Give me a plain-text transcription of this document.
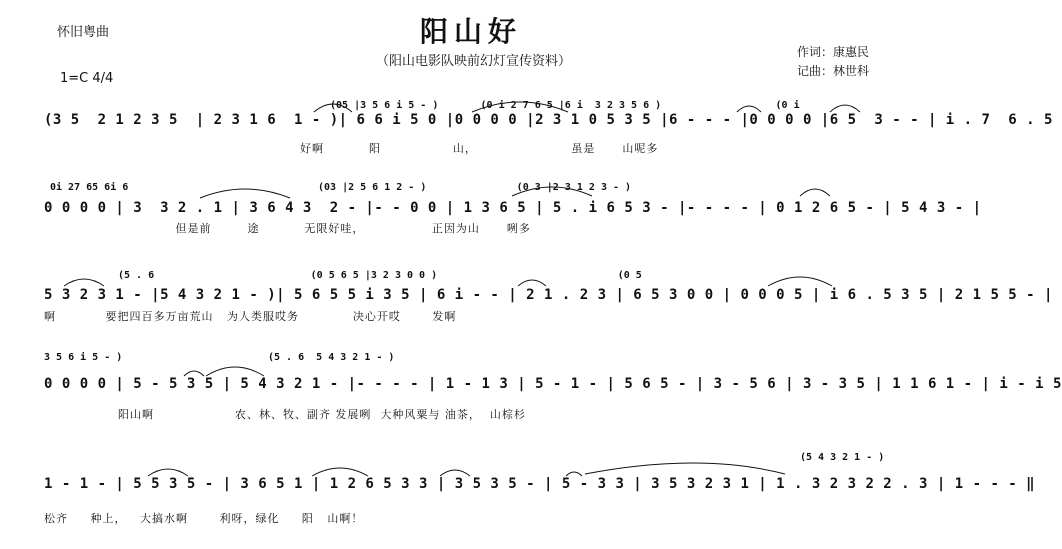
怀旧粤曲	阳山好
（阳山电影队映前幻灯宣传资料）
作词：康惠民
记曲：林世科
1=C 4/4
(05 |3 5 6 i 5 - )       (0 i 2 7 6 5 |6 i  3 2 3 5 6 )                   (0 i
(3 5  2 1 2 3 5  | 2 3 1 6  1 - )| 6 6 i 5 0 |0 0 0 0 |2 3 1 0 5 3 5 |6 - - - |0 0 0 0 |6 5  3 - - | i . 7  6 . 5
好啊          阳                山，                     虽是      山呢多
0i 27 65 6i 6	(03 |2 5 6 1 2 - )               (0 3 |2 3 1 2 3 - )
0 0 0 0 | 3  3 2 . 1 | 3 6 4 3  2 - |- - 0 0 | 1 3 6 5 | 5 . i 6 5 3 - |- - - - | 0 1 2 6 5 - | 5 4 3 - |
但是前        途          无限好哇，               正因为山      咧多
(5 . 6                          (0 5 6 5 |3 2 3 0 0 )                              (0 5
5 3 2 3 1 - |5 4 3 2 1 - )| 5 6 5 5 i 3 5 | 6 i - - | 2 1 . 2 3 | 6 5 3 0 0 | 0 0 0 5 | i 6 . 5 3 5 | 2 1 5 5 - |
啊           要把四百多万亩荒山   为人类服哎务            决心开哎       发啊
3 5 6 i 5 - )	(5 . 6  5 4 3 2 1 - )
0 0 0 0 | 5 - 5 3 5 | 5 4 3 2 1 - |- - - - | 1 - 1 3 | 5 - 1 - | 5 6 5 - | 3 - 5 6 | 3 - 3 5 | 1 1 6 1 - | i - i 5
阳山啊                  农、林、牧、副齐 发展咧  大种风粟与 油茶，  山棕杉
(5 4 3 2 1 - )
1 - 1 - | 5 5 3 5 - | 3 6 5 1 | 1 2 6 5 3 3 | 3 5 3 5 - | 5 - 3 3 | 3 5 3 2 3 1 | 1 . 3 2 3 2 2 . 3 | 1 - - - ‖
松齐     种上，   大搞水啊       利呀，绿化     阳   山啊！
